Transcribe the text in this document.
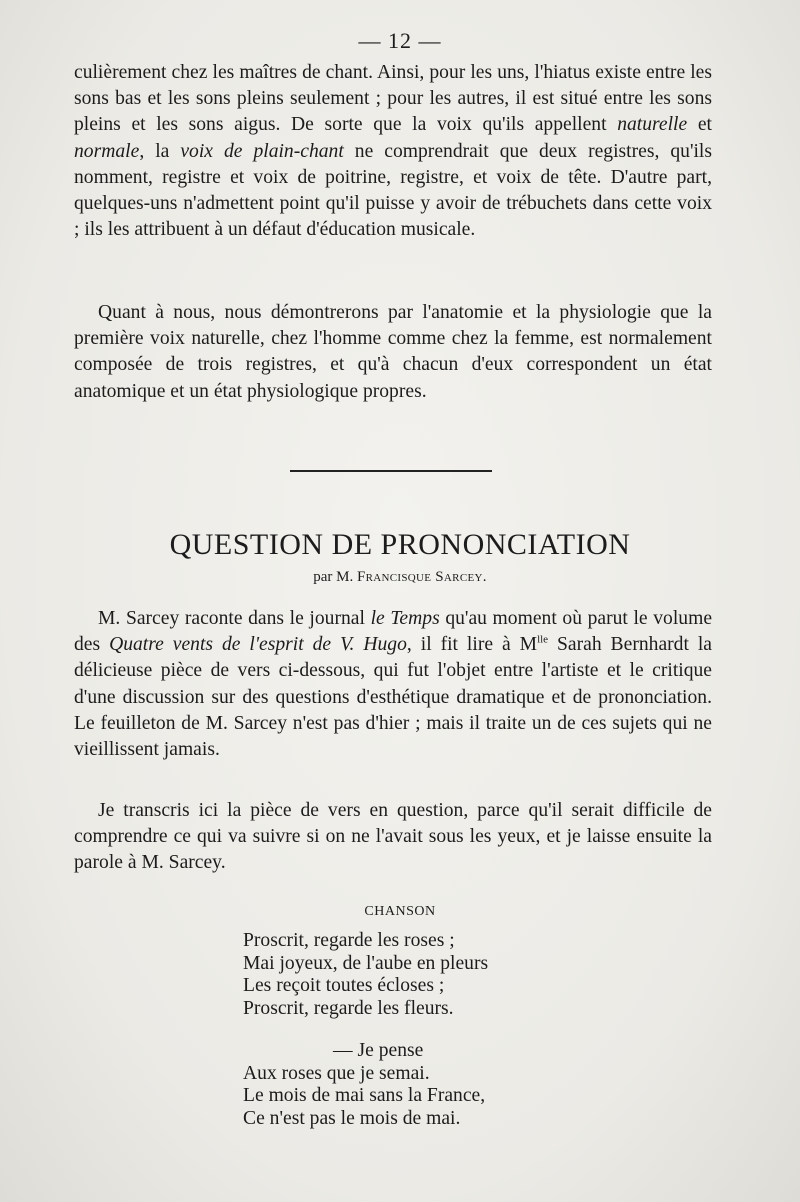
— 12 —

culièrement chez les maîtres de chant. Ainsi, pour les uns, l'hiatus existe entre les sons bas et les sons pleins seulement ; pour les autres, il est situé entre les sons pleins et les sons aigus. De sorte que la voix qu'ils appellent naturelle et normale, la voix de plain-chant ne comprendrait que deux registres, qu'ils nomment, registre et voix de poitrine, registre, et voix de tête. D'autre part, quelques-uns n'admettent point qu'il puisse y avoir de trébuchets dans cette voix ; ils les attribuent à un défaut d'éducation musicale.

Quant à nous, nous démontrerons par l'anatomie et la physiologie que la première voix naturelle, chez l'homme comme chez la femme, est normalement composée de trois registres, et qu'à chacun d'eux correspondent un état anatomique et un état physiologique propres.

QUESTION DE PRONONCIATION
par M. Francisque Sarcey.

M. Sarcey raconte dans le journal le Temps qu'au moment où parut le volume des Quatre vents de l'esprit de V. Hugo, il fit lire à $M^{lle}$ Sarah Bernhardt la délicieuse pièce de vers ci-dessous, qui fut l'objet entre l'artiste et le critique d'une discussion sur des questions d'esthétique dramatique et de prononciation. Le feuilleton de M. Sarcey n'est pas d'hier ; mais il traite un de ces sujets qui ne vieillissent jamais.

Je transcris ici la pièce de vers en question, parce qu'il serait difficile de comprendre ce qui va suivre si on ne l'avait sous les yeux, et je laisse ensuite la parole à M. Sarcey.

CHANSON
Proscrit, regarde les roses ;
Mai joyeux, de l'aube en pleurs
Les reçoit toutes écloses ;
Proscrit, regarde les fleurs.
— Je pense
Aux roses que je semai.
Le mois de mai sans la France,
Ce n'est pas le mois de mai.
